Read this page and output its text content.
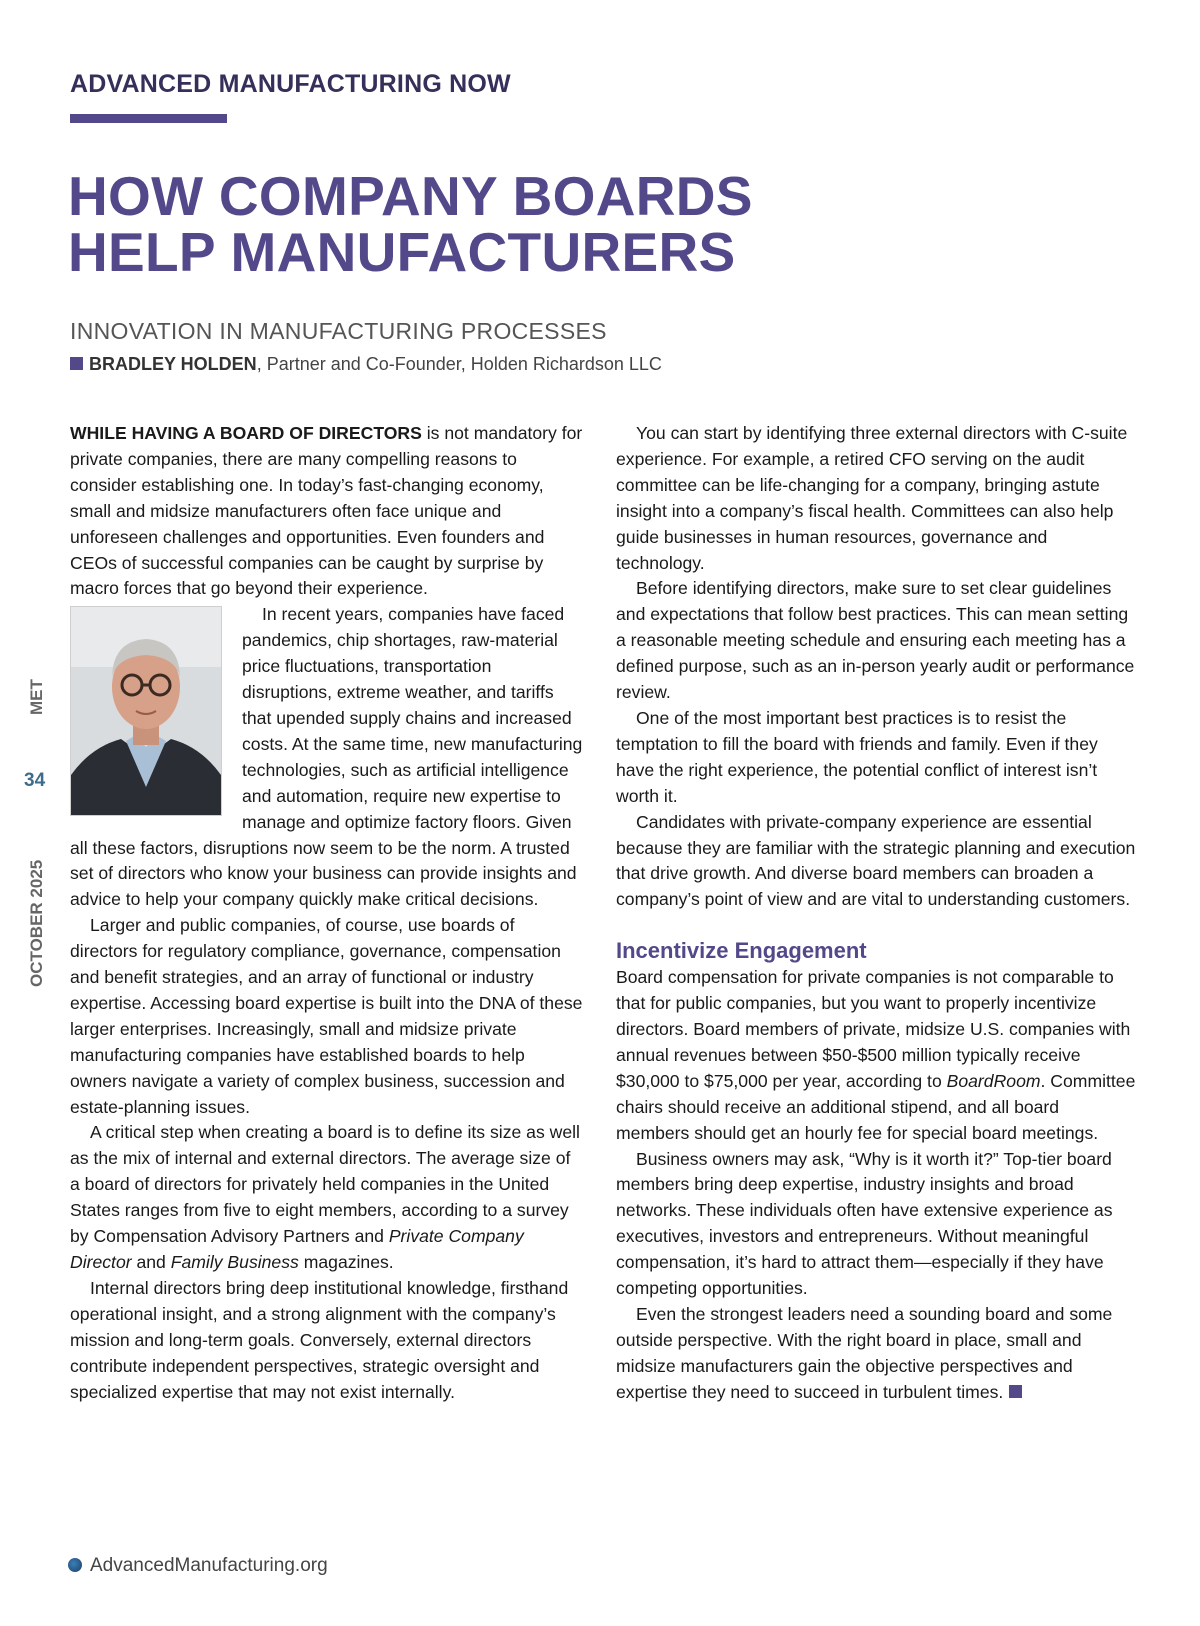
ADVANCED MANUFACTURING NOW
HOW COMPANY BOARDS
HELP MANUFACTURERS
INNOVATION IN MANUFACTURING PROCESSES
BRADLEY HOLDEN, Partner and Co-Founder, Holden Richardson LLC
MET
34
OCTOBER 2025

WHILE HAVING A BOARD OF DIRECTORS is not mandatory for private companies, there are many compelling reasons to consider establishing one. In today’s fast-changing economy, small and midsize manufacturers often face unique and unforeseen challenges and opportunities. Even founders and CEOs of successful companies can be caught by surprise by macro forces that go beyond their experience.

In recent years, companies have faced pandemics, chip shortages, raw-material price fluctuations, transportation disruptions, extreme weather, and tariffs that upended supply chains and increased costs. At the same time, new manufacturing technologies, such as artificial intelligence and automation, require new expertise to manage and optimize factory floors. Given all these factors, disruptions now seem to be the norm. A trusted set of directors who know your business can provide insights and advice to help your company quickly make critical decisions.

Larger and public companies, of course, use boards of directors for regulatory compliance, governance, compensation and benefit strategies, and an array of functional or industry expertise. Accessing board expertise is built into the DNA of these larger enterprises. Increasingly, small and midsize private manufacturing companies have established boards to help owners navigate a variety of complex business, succession and estate-planning issues.

A critical step when creating a board is to define its size as well as the mix of internal and external directors. The average size of a board of directors for privately held companies in the United States ranges from five to eight members, according to a survey by Compensation Advisory Partners and Private Company Director and Family Business magazines.

Internal directors bring deep institutional knowledge, firsthand operational insight, and a strong alignment with the company’s mission and long-term goals. Conversely, external directors contribute independent perspectives, strategic oversight and specialized expertise that may not exist internally.

You can start by identifying three external directors with C-suite experience. For example, a retired CFO serving on the audit committee can be life-changing for a company, bringing astute insight into a company’s fiscal health. Committees can also help guide businesses in human resources, governance and technology.

Before identifying directors, make sure to set clear guidelines and expectations that follow best practices. This can mean setting a reasonable meeting schedule and ensuring each meeting has a defined purpose, such as an in-person yearly audit or performance review.

One of the most important best practices is to resist the temptation to fill the board with friends and family. Even if they have the right experience, the potential conflict of interest isn’t worth it.

Candidates with private-company experience are essential because they are familiar with the strategic planning and execution that drive growth. And diverse board members can broaden a company’s point of view and are vital to understanding customers.

Incentivize Engagement

Board compensation for private companies is not comparable to that for public companies, but you want to properly incentivize directors. Board members of private, midsize U.S. companies with annual revenues between $50-$500 million typically receive $30,000 to $75,000 per year, according to BoardRoom. Committee chairs should receive an additional stipend, and all board members should get an hourly fee for special board meetings.

Business owners may ask, “Why is it worth it?” Top-tier board members bring deep expertise, industry insights and broad networks. These individuals often have extensive experience as executives, investors and entrepreneurs. Without meaningful compensation, it’s hard to attract them—especially if they have competing opportunities.

Even the strongest leaders need a sounding board and some outside perspective. With the right board in place, small and midsize manufacturers gain the objective perspectives and expertise they need to succeed in turbulent times.

AdvancedManufacturing.org
